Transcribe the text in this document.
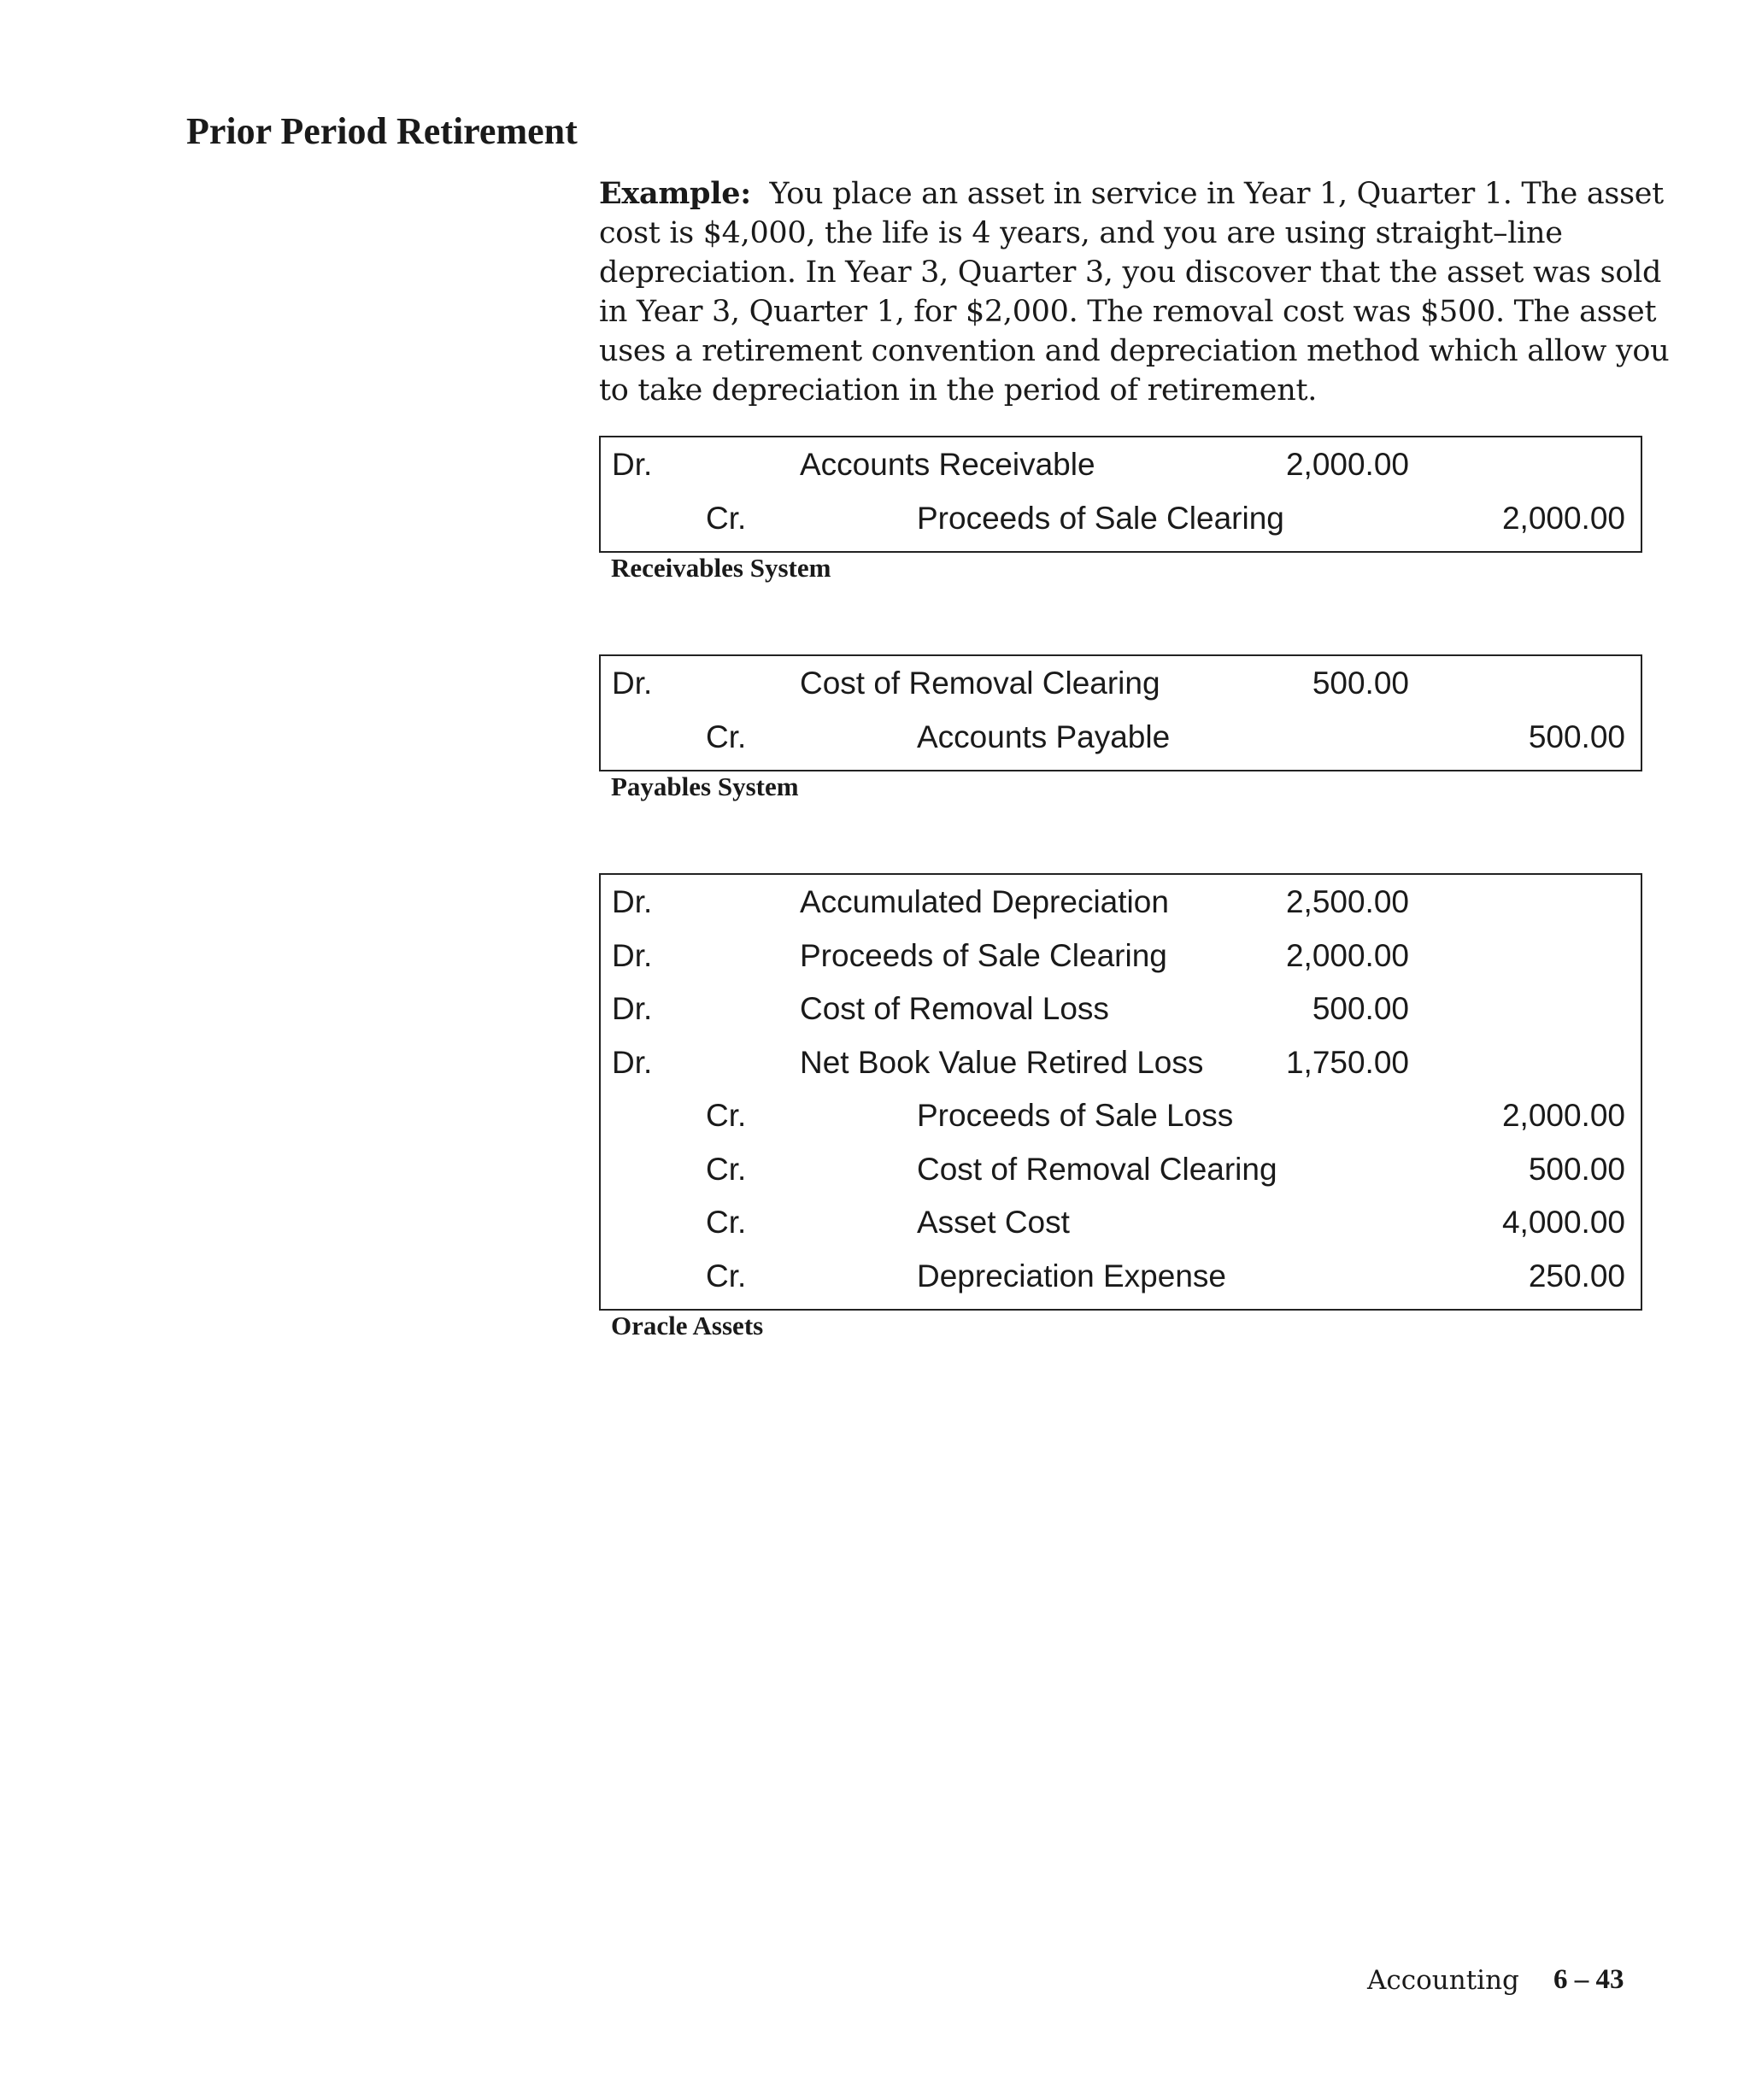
Prior Period Retirement

Example: You place an asset in service in Year 1, Quarter 1. The asset cost is $4,000, the life is 4 years, and you are using straight–line depreciation. In Year 3, Quarter 3, you discover that the asset was sold in Year 3, Quarter 1, for $2,000. The removal cost was $500. The asset uses a retirement convention and depreciation method which allow you to take depreciation in the period of retirement.

Dr.	Accounts Receivable	2,000.00
Cr.	Proceeds of Sale Clearing	2,000.00

Receivables System

Dr.	Cost of Removal Clearing	500.00
Cr.	Accounts Payable	500.00

Payables System

Dr.	Accumulated Depreciation	2,500.00
Dr.	Proceeds of Sale Clearing	2,000.00
Dr.	Cost of Removal Loss	500.00
Dr.	Net Book Value Retired Loss	1,750.00
Cr.	Proceeds of Sale Loss	2,000.00
Cr.	Cost of Removal Clearing	500.00
Cr.	Asset Cost	4,000.00
Cr.	Depreciation Expense	250.00

Oracle Assets

Accounting 6 – 43
